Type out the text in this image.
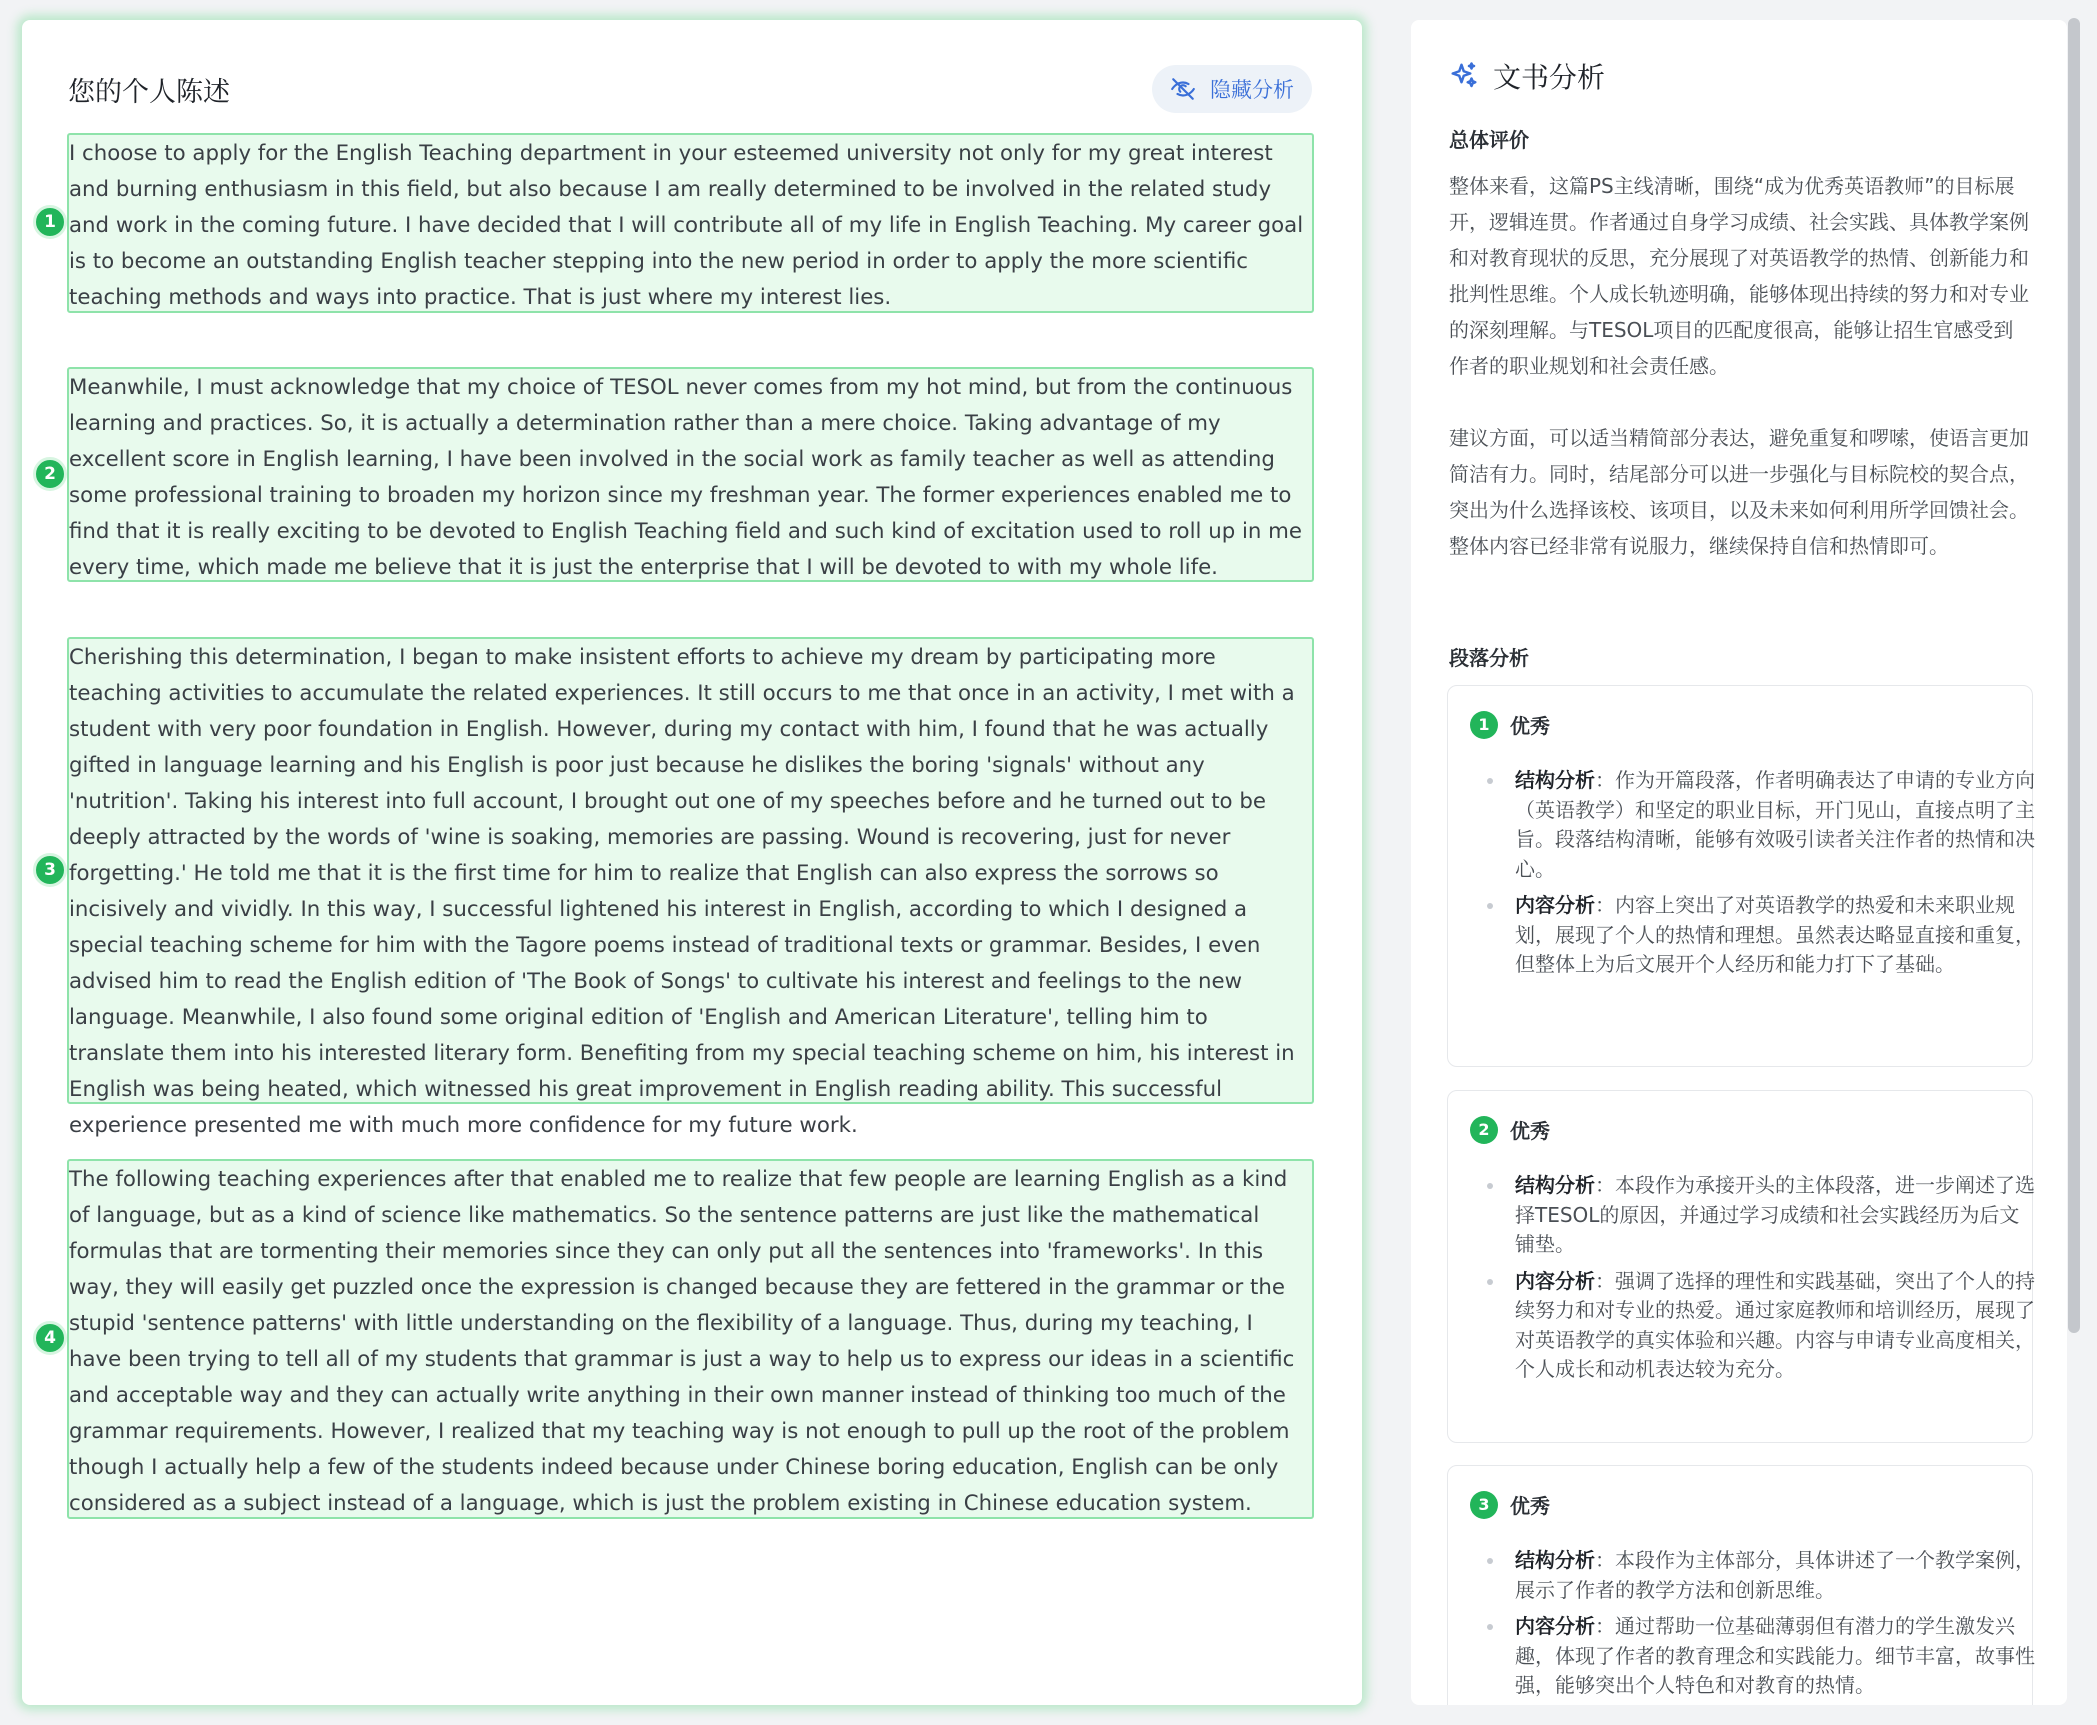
您的个人陈述	隐藏分析
1

I choose to apply for the English Teaching department in your esteemed university not only for my great interest and burning enthusiasm in this field, but also because I am really determined to be involved in the related study and work in the coming future. I have decided that I will contribute all of my life in English Teaching. My career goal is to become an outstanding English teacher stepping into the new period in order to apply the more scientific teaching methods and ways into practice. That is just where my interest lies.

2

Meanwhile, I must acknowledge that my choice of TESOL never comes from my hot mind, but from the continuous learning and practices. So, it is actually a determination rather than a mere choice. Taking advantage of my excellent score in English learning, I have been involved in the social work as family teacher as well as attending some professional training to broaden my horizon since my freshman year. The former experiences enabled me to find that it is really exciting to be devoted to English Teaching field and such kind of excitation used to roll up in me every time, which made me believe that it is just the enterprise that I will be devoted to with my whole life.

3

Cherishing this determination, I began to make insistent efforts to achieve my dream by participating more teaching activities to accumulate the related experiences. It still occurs to me that once in an activity, I met with a student with very poor foundation in English. However, during my contact with him, I found that he was actually gifted in language learning and his English is poor just because he dislikes the boring 'signals' without any 'nutrition'. Taking his interest into full account, I brought out one of my speeches before and he turned out to be deeply attracted by the words of 'wine is soaking, memories are passing. Wound is recovering, just for never forgetting.' He told me that it is the first time for him to realize that English can also express the sorrows so incisively and vividly. In this way, I successful lightened his interest in English, according to which I designed a special teaching scheme for him with the Tagore poems instead of traditional texts or grammar. Besides, I even advised him to read the English edition of 'The Book of Songs' to cultivate his interest and feelings to the new language. Meanwhile, I also found some original edition of 'English and American Literature', telling him to translate them into his interested literary form. Benefiting from my special teaching scheme on him, his interest in English was being heated, which witnessed his great improvement in English reading ability. This successful experience presented me with much more confidence for my future work.

4

The following teaching experiences after that enabled me to realize that few people are learning English as a kind of language, but as a kind of science like mathematics. So the sentence patterns are just like the mathematical formulas that are tormenting their memories since they can only put all the sentences into 'frameworks'. In this way, they will easily get puzzled once the expression is changed because they are fettered in the grammar or the stupid 'sentence patterns' with little understanding on the flexibility of a language. Thus, during my teaching, I have been trying to tell all of my students that grammar is just a way to help us to express our ideas in a scientific and acceptable way and they can actually write anything in their own manner instead of thinking too much of the grammar requirements. However, I realized that my teaching way is not enough to pull up the root of the problem though I actually help a few of the students indeed because under Chinese boring education, English can be only considered as a subject instead of a language, which is just the problem existing in Chinese education system.

文书分析
总体评价

整体来看，这篇PS主线清晰，围绕“成为优秀英语教师”的目标展开，逻辑连贯。作者通过自身学习成绩、社会实践、具体教学案例和对教育现状的反思，充分展现了对英语教学的热情、创新能力和批判性思维。个人成长轨迹明确，能够体现出持续的努力和对专业的深刻理解。与TESOL项目的匹配度很高，能够让招生官感受到作者的职业规划和社会责任感。

建议方面，可以适当精简部分表达，避免重复和啰嗦，使语言更加简洁有力。同时，结尾部分可以进一步强化与目标院校的契合点，突出为什么选择该校、该项目，以及未来如何利用所学回馈社会。整体内容已经非常有说服力，继续保持自信和热情即可。

段落分析
1	优秀
结构分析：作为开篇段落，作者明确表达了申请的专业方向（英语教学）和坚定的职业目标，开门见山，直接点明了主旨。段落结构清晰，能够有效吸引读者关注作者的热情和决心。
内容分析：内容上突出了对英语教学的热爱和未来职业规划，展现了个人的热情和理想。虽然表达略显直接和重复，但整体上为后文展开个人经历和能力打下了基础。
2	优秀
结构分析：本段作为承接开头的主体段落，进一步阐述了选择TESOL的原因，并通过学习成绩和社会实践经历为后文铺垫。
内容分析：强调了选择的理性和实践基础，突出了个人的持续努力和对专业的热爱。通过家庭教师和培训经历，展现了对英语教学的真实体验和兴趣。内容与申请专业高度相关，个人成长和动机表达较为充分。
3	优秀
结构分析：本段作为主体部分，具体讲述了一个教学案例，展示了作者的教学方法和创新思维。
内容分析：通过帮助一位基础薄弱但有潜力的学生激发兴趣，体现了作者的教育理念和实践能力。细节丰富，故事性强，能够突出个人特色和对教育的热情。
